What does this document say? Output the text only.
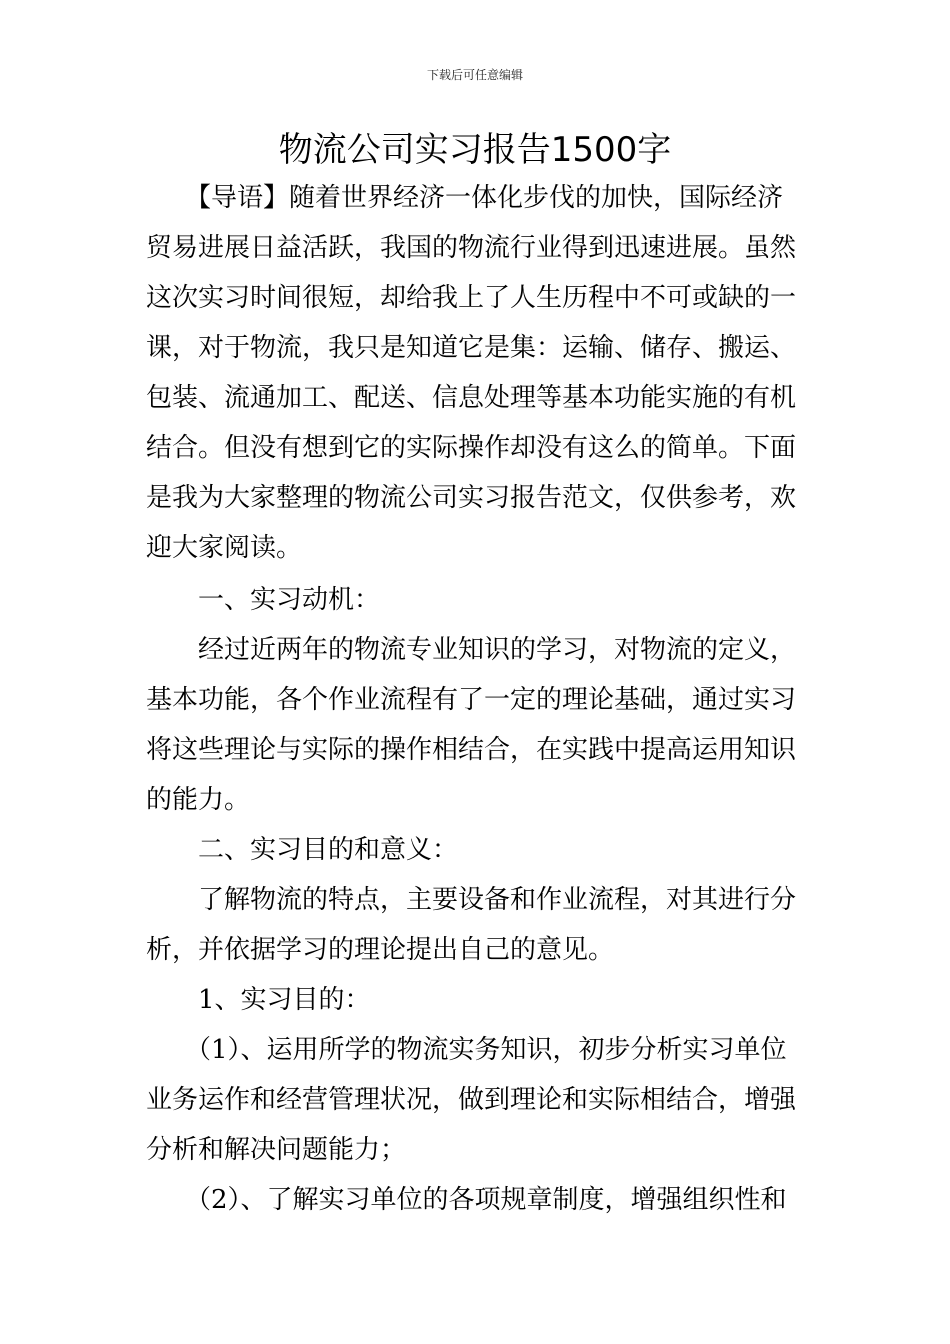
下载后可任意编辑
物流公司实习报告1500字
　　【导语】随着世界经济一体化步伐的加快，国际经济
贸易进展日益活跃，我国的物流行业得到迅速进展。虽然
这次实习时间很短，却给我上了人生历程中不可或缺的一
课，对于物流，我只是知道它是集：运输、储存、搬运、
包装、流通加工、配送、信息处理等基本功能实施的有机
结合。但没有想到它的实际操作却没有这么的简单。下面
是我为大家整理的物流公司实习报告范文，仅供参考，欢
迎大家阅读。
　　一、实习动机：
　　经过近两年的物流专业知识的学习，对物流的定义，
基本功能，各个作业流程有了一定的理论基础，通过实习
将这些理论与实际的操作相结合，在实践中提高运用知识
的能力。
　　二、实习目的和意义：
　　了解物流的特点，主要设备和作业流程，对其进行分
析，并依据学习的理论提出自己的意见。
　　1、实习目的：
　　（1）、运用所学的物流实务知识，初步分析实习单位
业务运作和经营管理状况，做到理论和实际相结合，增强
分析和解决问题能力；
　　（2）、了解实习单位的各项规章制度，增强组织性和
